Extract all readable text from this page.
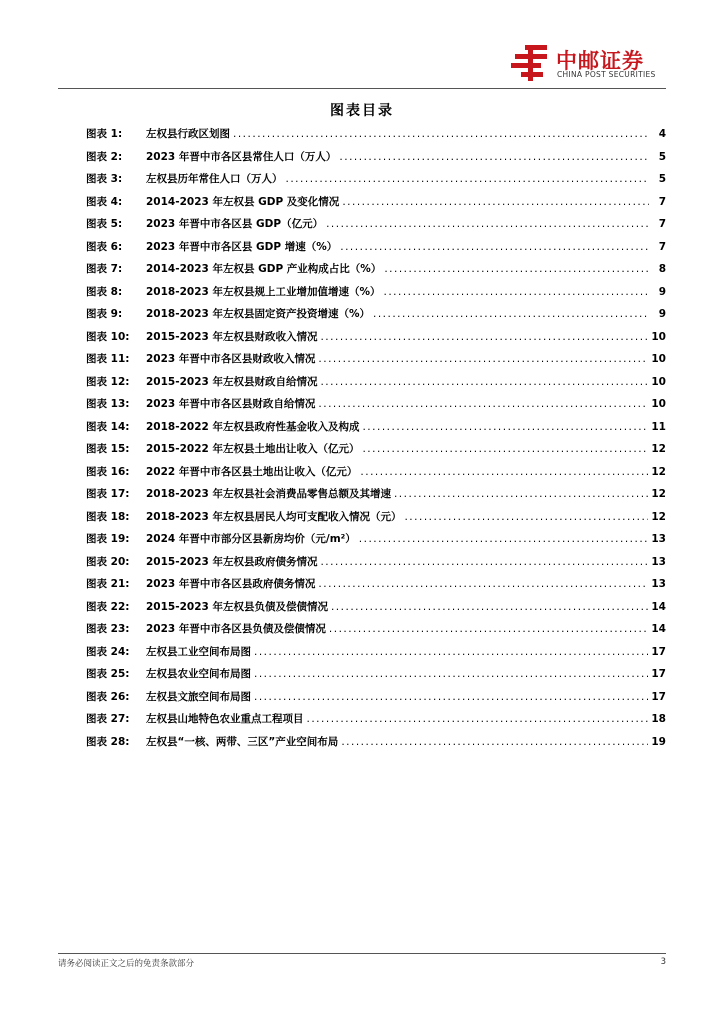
中邮证券
CHINA POST SECURITIES
图表目录
图表 1:	左权县行政区划图 .....	4
图表 2:	2023 年晋中市各区县常住人口（万人） .....	5
图表 3:	左权县历年常住人口（万人） .....	5
图表 4:	2014-2023 年左权县 GDP 及变化情况 .....	7
图表 5:	2023 年晋中市各区县 GDP（亿元） .....	7
图表 6:	2023 年晋中市各区县 GDP 增速（%） .....	7
图表 7:	2014-2023 年左权县 GDP 产业构成占比（%） .....	8
图表 8:	2018-2023 年左权县规上工业增加值增速（%） .....	9
图表 9:	2018-2023 年左权县固定资产投资增速（%） .....	9
图表 10:	2015-2023 年左权县财政收入情况 .....	10
图表 11:	2023 年晋中市各区县财政收入情况 .....	10
图表 12:	2015-2023 年左权县财政自给情况 .....	10
图表 13:	2023 年晋中市各区县财政自给情况 .....	10
图表 14:	2018-2022 年左权县政府性基金收入及构成 .....	11
图表 15:	2015-2022 年左权县土地出让收入（亿元） .....	12
图表 16:	2022 年晋中市各区县土地出让收入（亿元） .....	12
图表 17:	2018-2023 年左权县社会消费品零售总额及其增速 .....	12
图表 18:	2018-2023 年左权县居民人均可支配收入情况（元） .....	12
图表 19:	2024 年晋中市部分区县新房均价（元/m²） .....	13
图表 20:	2015-2023 年左权县政府债务情况 .....	13
图表 21:	2023 年晋中市各区县政府债务情况 .....	13
图表 22:	2015-2023 年左权县负债及偿债情况 .....	14
图表 23:	2023 年晋中市各区县负债及偿债情况 .....	14
图表 24:	左权县工业空间布局图 .....	17
图表 25:	左权县农业空间布局图 .....	17
图表 26:	左权县文旅空间布局图 .....	17
图表 27:	左权县山地特色农业重点工程项目 .....	18
图表 28:	左权县“一核、两带、三区”产业空间布局 .....	19
请务必阅读正文之后的免责条款部分	3
